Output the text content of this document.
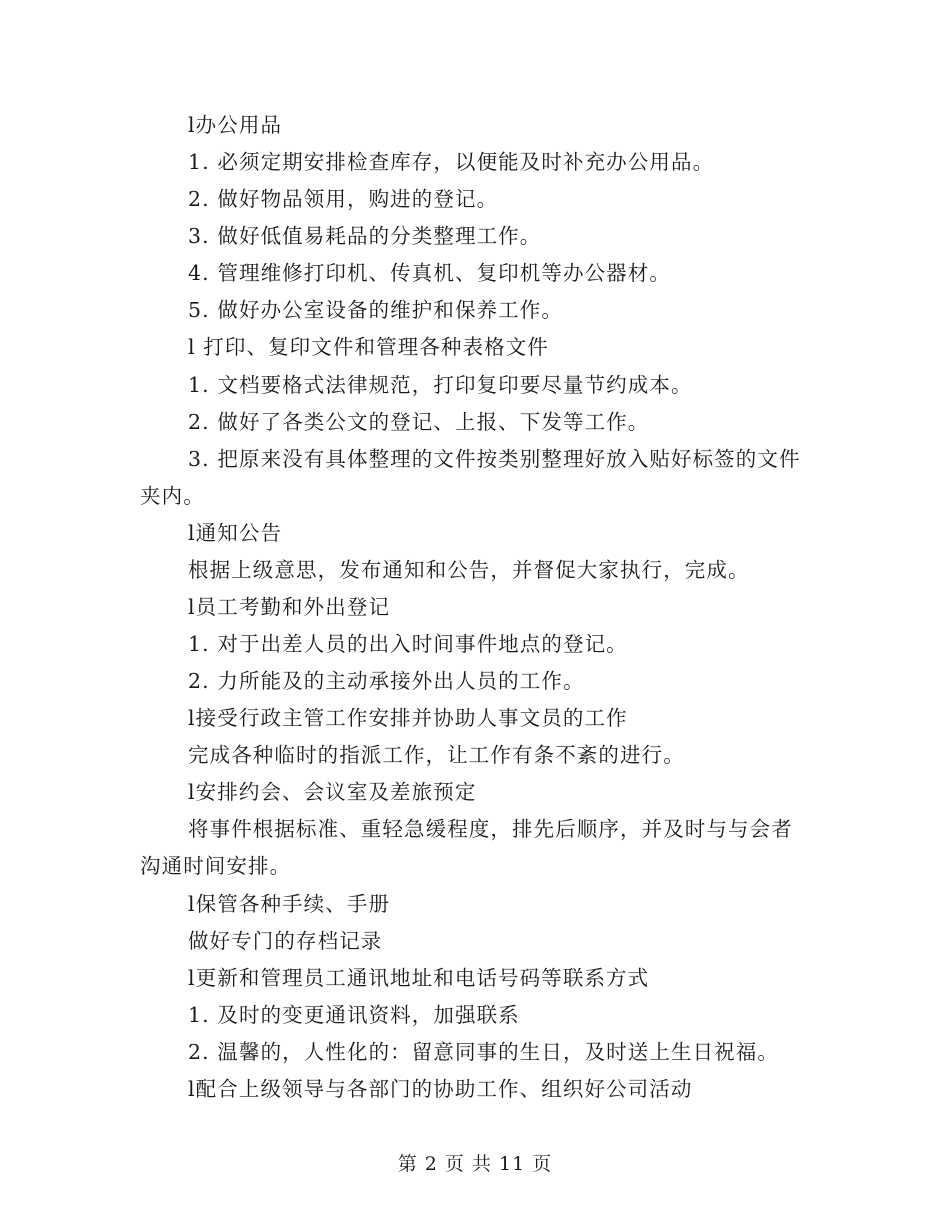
l办公用品
1. 必须定期安排检查库存，以便能及时补充办公用品。
2. 做好物品领用，购进的登记。
3. 做好低值易耗品的分类整理工作。
4. 管理维修打印机、传真机、复印机等办公器材。
5. 做好办公室设备的维护和保养工作。
l 打印、复印文件和管理各种表格文件
1. 文档要格式法律规范，打印复印要尽量节约成本。
2. 做好了各类公文的登记、上报、下发等工作。
3. 把原来没有具体整理的文件按类别整理好放入贴好标签的文件
夹内。
l通知公告
根据上级意思，发布通知和公告，并督促大家执行，完成。
l员工考勤和外出登记
1. 对于出差人员的出入时间事件地点的登记。
2. 力所能及的主动承接外出人员的工作。
l接受行政主管工作安排并协助人事文员的工作
完成各种临时的指派工作，让工作有条不紊的进行。
l安排约会、会议室及差旅预定
将事件根据标准、重轻急缓程度，排先后顺序，并及时与与会者
沟通时间安排。
l保管各种手续、手册
做好专门的存档记录
l更新和管理员工通讯地址和电话号码等联系方式
1. 及时的变更通讯资料，加强联系
2. 温馨的，人性化的：留意同事的生日，及时送上生日祝福。
l配合上级领导与各部门的协助工作、组织好公司活动
第 2 页 共 11 页
